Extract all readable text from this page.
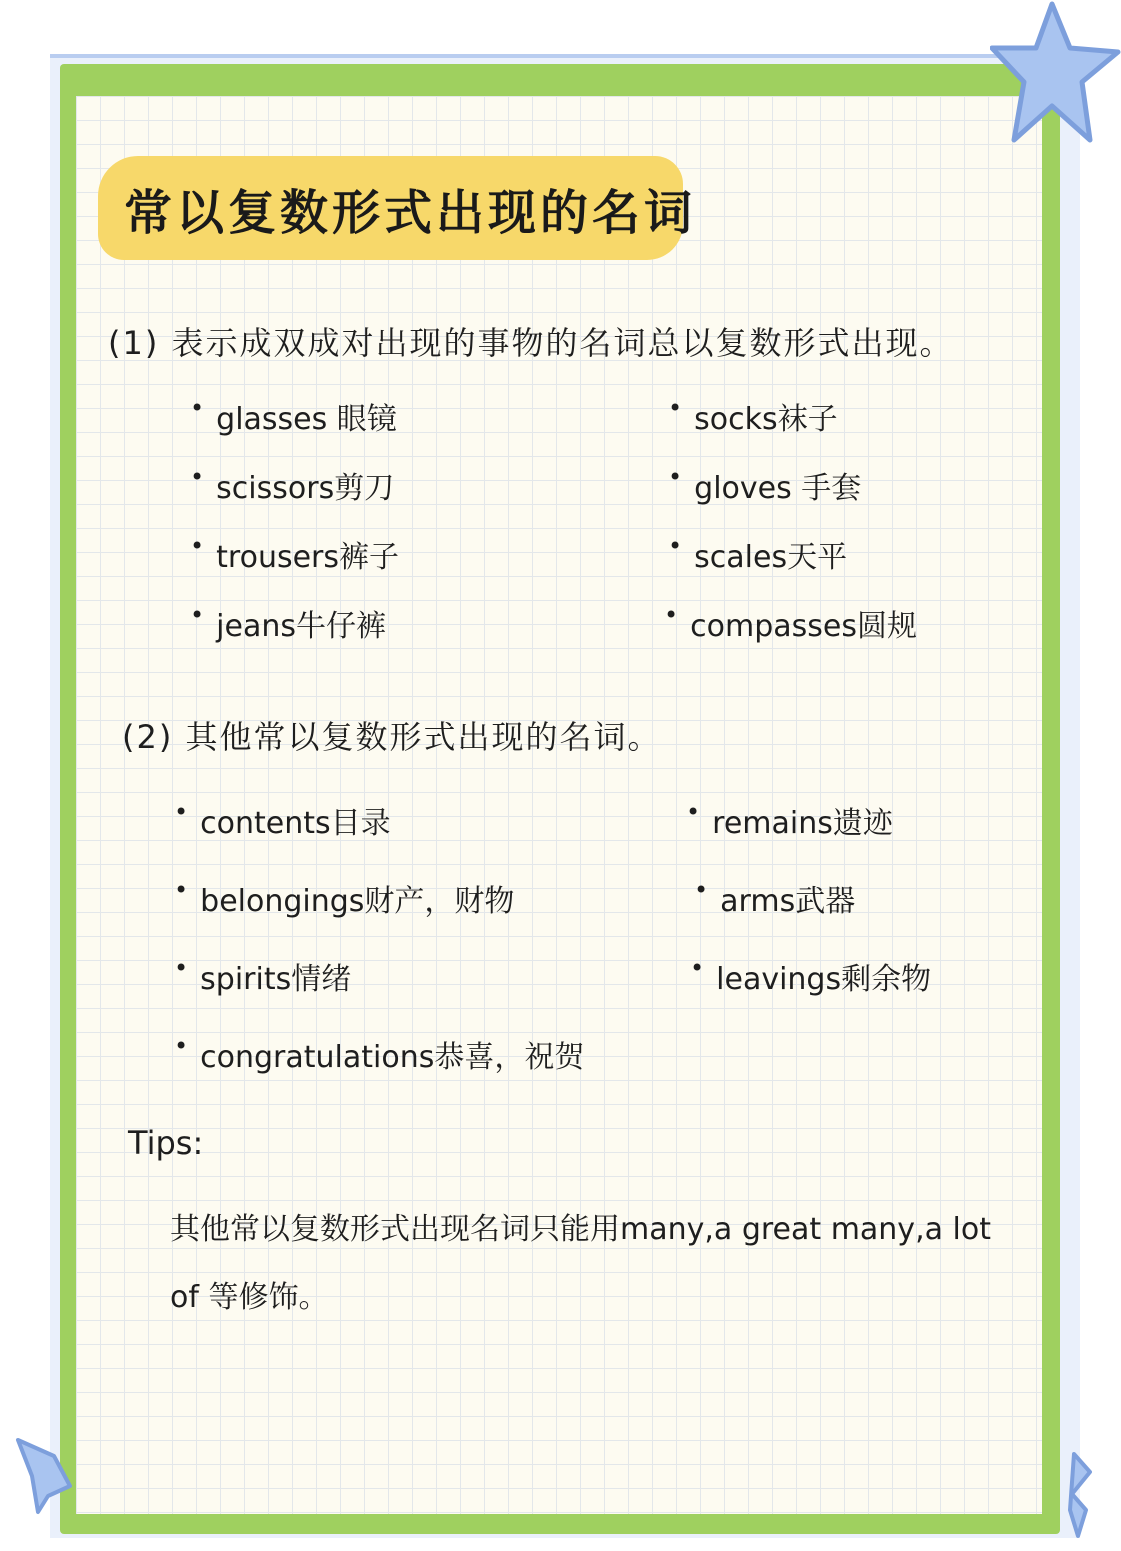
常以复数形式出现的名词
(1) 表示成双成对出现的事物的名词总以复数形式出现。
• glasses 眼镜	• socks袜子
• scissors剪刀	• gloves 手套
• trousers裤子	• scales天平
• jeans牛仔裤	• compasses圆规
(2) 其他常以复数形式出现的名词。
• contents目录	• remains遗迹
• belongings财产，财物	• arms武器
• spirits情绪	• leavings剩余物
• congratulations恭喜，祝贺
Tips:
其他常以复数形式出现名词只能用many,a great many,a lot of 等修饰。
